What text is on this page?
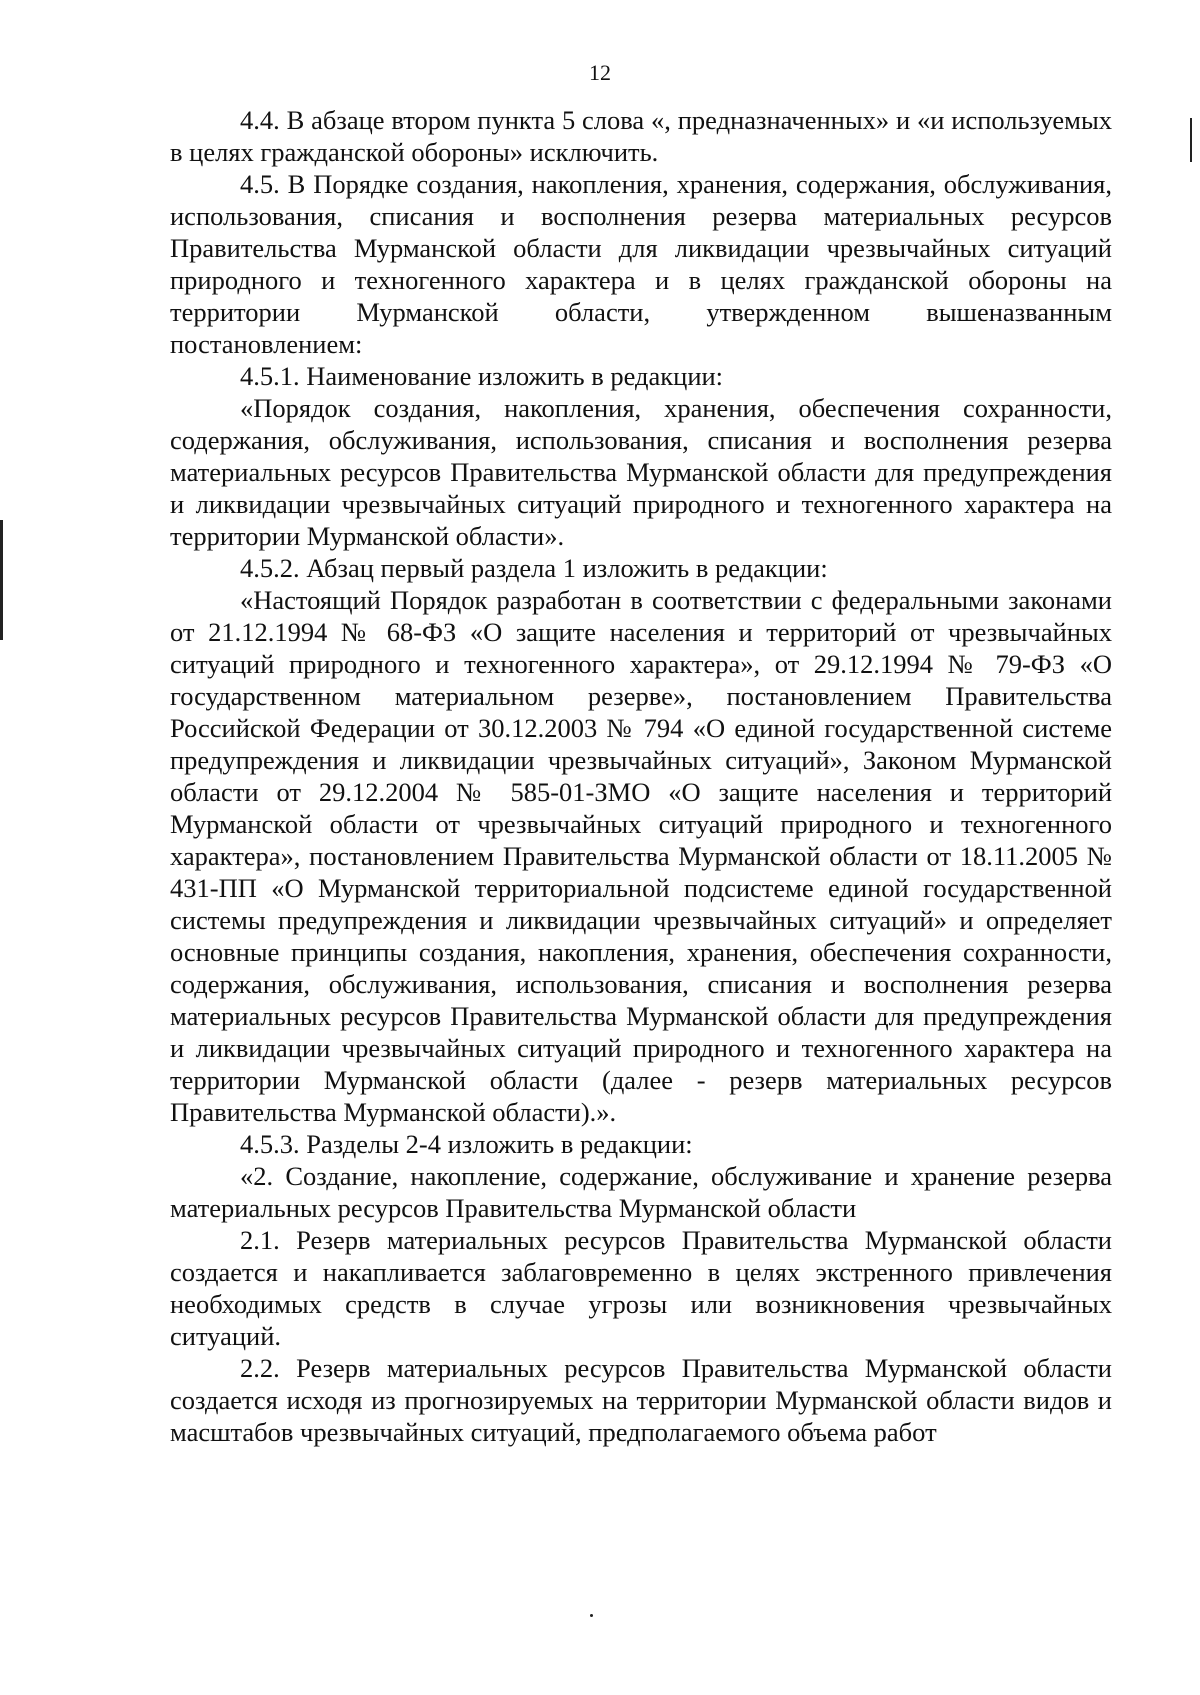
12

4.4. В абзаце втором пункта 5 слова «, предназначенных» и «и используемых в целях гражданской обороны» исключить.

4.5. В Порядке создания, накопления, хранения, содержания, обслуживания, использования, списания и восполнения резерва материальных ресурсов Правительства Мурманской области для ликвидации чрезвычайных ситуаций природного и техногенного характера и в целях гражданской обороны на территории Мурманской области, утвержденном вышеназванным постановлением:

4.5.1. Наименование изложить в редакции:

«Порядок создания, накопления, хранения, обеспечения сохранности, содержания, обслуживания, использования, списания и восполнения резерва материальных ресурсов Правительства Мурманской области для предупреждения и ликвидации чрезвычайных ситуаций природного и техногенного характера на территории Мурманской области».

4.5.2. Абзац первый раздела 1 изложить в редакции:

«Настоящий Порядок разработан в соответствии с федеральными законами от 21.12.1994 № 68-ФЗ «О защите населения и территорий от чрезвычайных ситуаций природного и техногенного характера», от 29.12.1994 № 79-ФЗ «О государственном материальном резерве», постановлением Правительства Российской Федерации от 30.12.2003 № 794 «О единой государственной системе предупреждения и ликвидации чрезвычайных ситуаций», Законом Мурманской области от 29.12.2004 № 585-01-ЗМО «О защите населения и территорий Мурманской области от чрезвычайных ситуаций природного и техногенного характера», постановлением Правительства Мурманской области от 18.11.2005 № 431-ПП «О Мурманской территориальной подсистеме единой государственной системы предупреждения и ликвидации чрезвычайных ситуаций» и определяет основные принципы создания, накопления, хранения, обеспечения сохранности, содержания, обслуживания, использования, списания и восполнения резерва материальных ресурсов Правительства Мурманской области для предупреждения и ликвидации чрезвычайных ситуаций природного и техногенного характера на территории Мурманской области (далее - резерв материальных ресурсов Правительства Мурманской области).».

4.5.3. Разделы 2-4 изложить в редакции:

«2. Создание, накопление, содержание, обслуживание и хранение резерва материальных ресурсов Правительства Мурманской области

2.1. Резерв материальных ресурсов Правительства Мурманской области создается и накапливается заблаговременно в целях экстренного привлечения необходимых средств в случае угрозы или возникновения чрезвычайных ситуаций.

2.2. Резерв материальных ресурсов Правительства Мурманской области создается исходя из прогнозируемых на территории Мурманской области видов и масштабов чрезвычайных ситуаций, предполагаемого объема работ
